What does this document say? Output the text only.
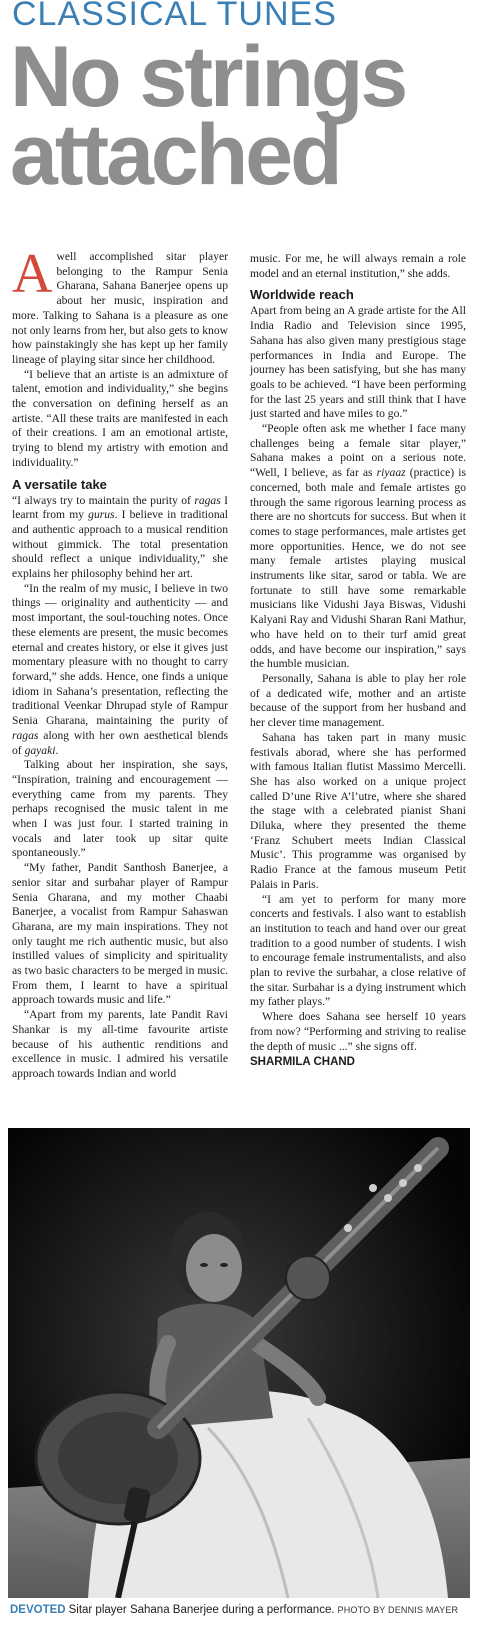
CLASSICAL TUNES
No strings
attached

A well accomplished sitar player belonging to the Rampur Senia Gharana, Sahana Banerjee opens up about her music, inspiration and more. Talking to Sahana is a pleasure as one not only learns from her, but also gets to know how painstakingly she has kept up her family lineage of playing sitar since her childhood.

“I believe that an artiste is an admixture of talent, emotion and individuality,” she begins the conversation on defining herself as an artiste. “All these traits are manifested in each of their creations. I am an emotional artiste, trying to blend my artistry with emotion and individuality.”

A versatile take

“I always try to maintain the purity of ragas I learnt from my gurus. I believe in traditional and authentic approach to a musical rendition without gimmick. The total presentation should reflect a unique individuality,” she explains her philosophy behind her art.

“In the realm of my music, I believe in two things — originality and authenticity — and most important, the soul-touching notes. Once these elements are present, the music becomes eternal and creates history, or else it gives just momentary pleasure with no thought to carry forward,” she adds. Hence, one finds a unique idiom in Sahana’s presentation, reflecting the traditional Veenkar Dhrupad style of Rampur Senia Gharana, maintaining the purity of ragas along with her own aesthetical blends of gayaki.

Talking about her inspiration, she says, “Inspiration, training and encouragement — everything came from my parents. They perhaps recognised the music talent in me when I was just four. I started training in vocals and later took up sitar quite spontaneously.”

“My father, Pandit Santhosh Banerjee, a senior sitar and surbahar player of Rampur Senia Gharana, and my mother Chaabi Banerjee, a vocalist from Rampur Sahaswan Gharana, are my main inspirations. They not only taught me rich authentic music, but also instilled values of simplicity and spirituality as two basic characters to be merged in music. From them, I learnt to have a spiritual approach towards music and life.”

“Apart from my parents, late Pandit Ravi Shankar is my all-time favourite artiste because of his authentic renditions and excellence in music. I admired his versatile approach towards Indian and world

music. For me, he will always remain a role model and an eternal institution,” she adds.

Worldwide reach

Apart from being an A grade artiste for the All India Radio and Television since 1995, Sahana has also given many prestigious stage performances in India and Europe. The journey has been satisfying, but she has many goals to be achieved. “I have been performing for the last 25 years and still think that I have just started and have miles to go.”

“People often ask me whether I face many challenges being a female sitar player,” Sahana makes a point on a serious note. “Well, I believe, as far as riyaaz (practice) is concerned, both male and female artistes go through the same rigorous learning process as there are no shortcuts for success. But when it comes to stage performances, male artistes get more opportunities. Hence, we do not see many female artistes playing musical instruments like sitar, sarod or tabla. We are fortunate to still have some remarkable musicians like Vidushi Jaya Biswas, Vidushi Kalyani Ray and Vidushi Sharan Rani Mathur, who have held on to their turf amid great odds, and have become our inspiration,” says the humble musician.

Personally, Sahana is able to play her role of a dedicated wife, mother and an artiste because of the support from her husband and her clever time management.

Sahana has taken part in many music festivals aborad, where she has performed with famous Italian flutist Massimo Mercelli. She has also worked on a unique project called D’une Rive A’l’utre, where she shared the stage with a celebrated pianist Shani Diluka, where they presented the theme ‘Franz Schubert meets Indian Classical Music’. This programme was organised by Radio France at the famous museum Petit Palais in Paris.

“I am yet to perform for many more concerts and festivals. I also want to establish an institution to teach and hand over our great tradition to a good number of students. I wish to encourage female instrumentalists, and also plan to revive the surbahar, a close relative of the sitar. Surbahar is a dying instrument which my father plays.”

Where does Sahana see herself 10 years from now? “Performing and striving to realise the depth of music ...” she signs off.

SHARMILA CHAND
DEVOTED Sitar player Sahana Banerjee during a performance. PHOTO BY DENNIS MAYER
